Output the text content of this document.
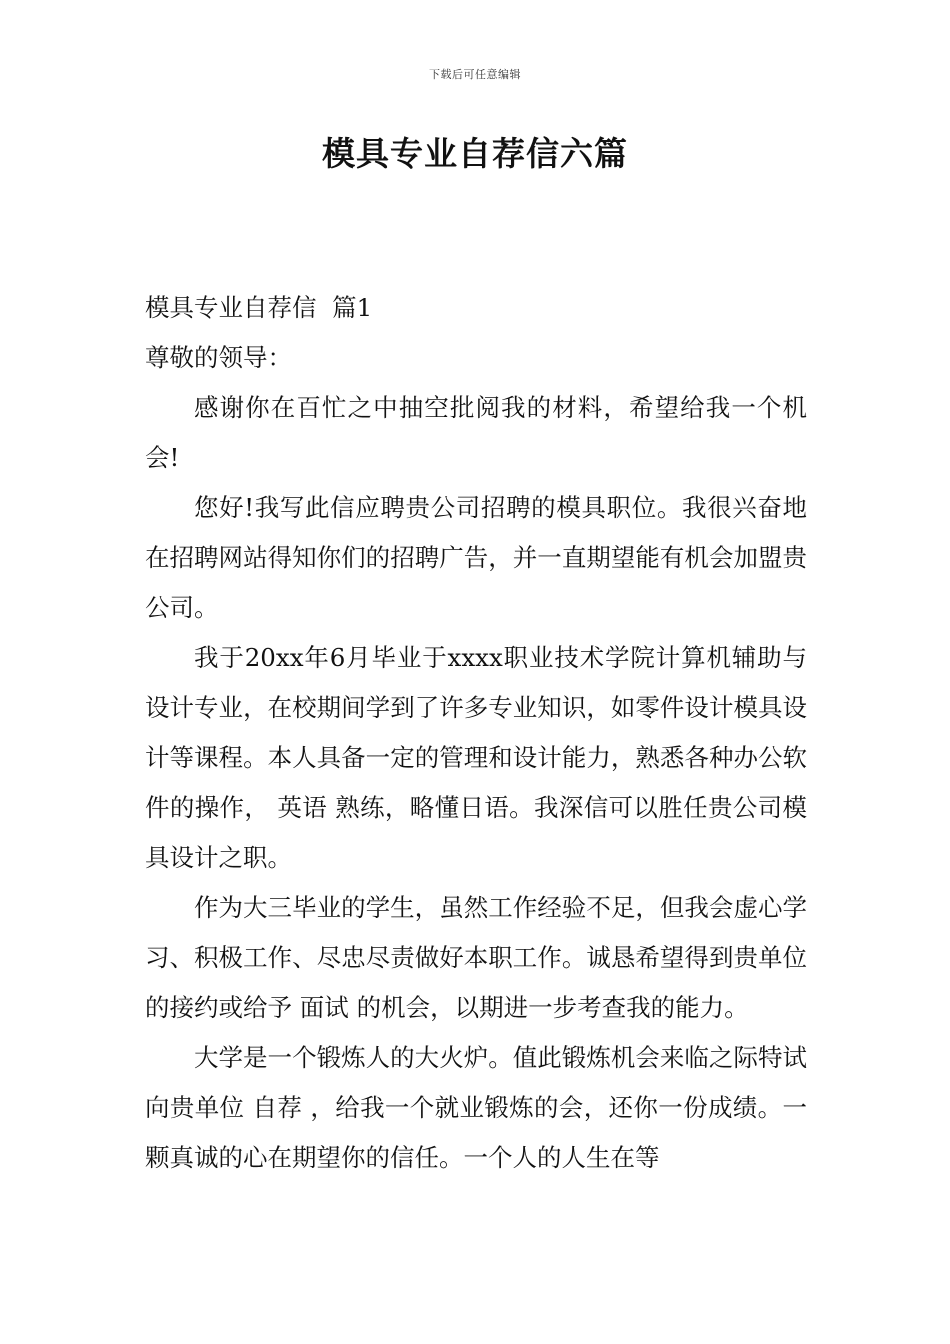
下载后可任意编辑
模具专业自荐信六篇

模具专业自荐信  篇1

尊敬的领导：

感谢你在百忙之中抽空批阅我的材料，希望给我一个机会!

您好!我写此信应聘贵公司招聘的模具职位。我很兴奋地在招聘网站得知你们的招聘广告，并一直期望能有机会加盟贵公司。

我于20xx年6月毕业于xxxx职业技术学院计算机辅助与设计专业，在校期间学到了许多专业知识，如零件设计模具设计等课程。本人具备一定的管理和设计能力，熟悉各种办公软件的操作， 英语 熟练，略懂日语。我深信可以胜任贵公司模具设计之职。

作为大三毕业的学生，虽然工作经验不足，但我会虚心学习、积极工作、尽忠尽责做好本职工作。诚恳希望得到贵单位的接约或给予 面试 的机会，以期进一步考查我的能力。

大学是一个锻炼人的大火炉。值此锻炼机会来临之际特试向贵单位 自荐 ，给我一个就业锻炼的会，还你一份成绩。一颗真诚的心在期望你的信任。一个人的人生在等
